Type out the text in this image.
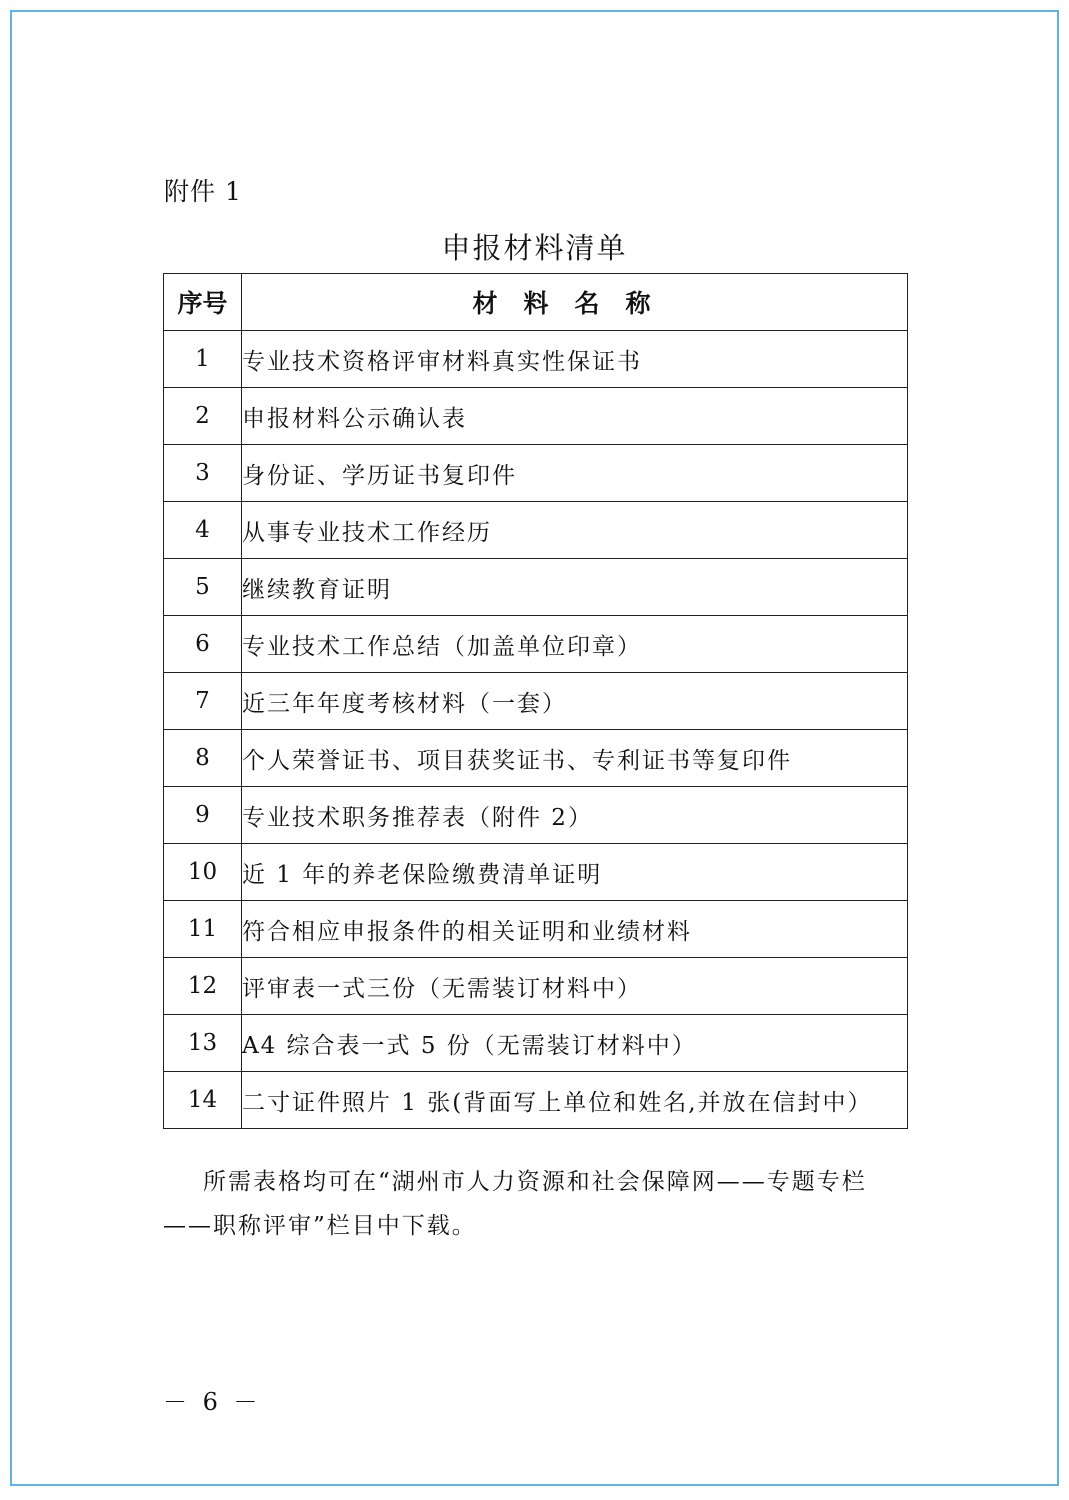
附件 1
申报材料清单
序号	材料名称
1	专业技术资格评审材料真实性保证书
2	申报材料公示确认表
3	身份证、学历证书复印件
4	从事专业技术工作经历
5	继续教育证明
6	专业技术工作总结（加盖单位印章）
7	近三年年度考核材料（一套）
8	个人荣誉证书、项目获奖证书、专利证书等复印件
9	专业技术职务推荐表（附件 2）
10	近 1 年的养老保险缴费清单证明
11	符合相应申报条件的相关证明和业绩材料
12	评审表一式三份（无需装订材料中）
13	A4 综合表一式 5 份（无需装订材料中）
14	二寸证件照片 1 张(背面写上单位和姓名,并放在信封中）

所需表格均可在“湖州市人力资源和社会保障网——专题专栏——职称评审”栏目中下载。

－ 6 －
